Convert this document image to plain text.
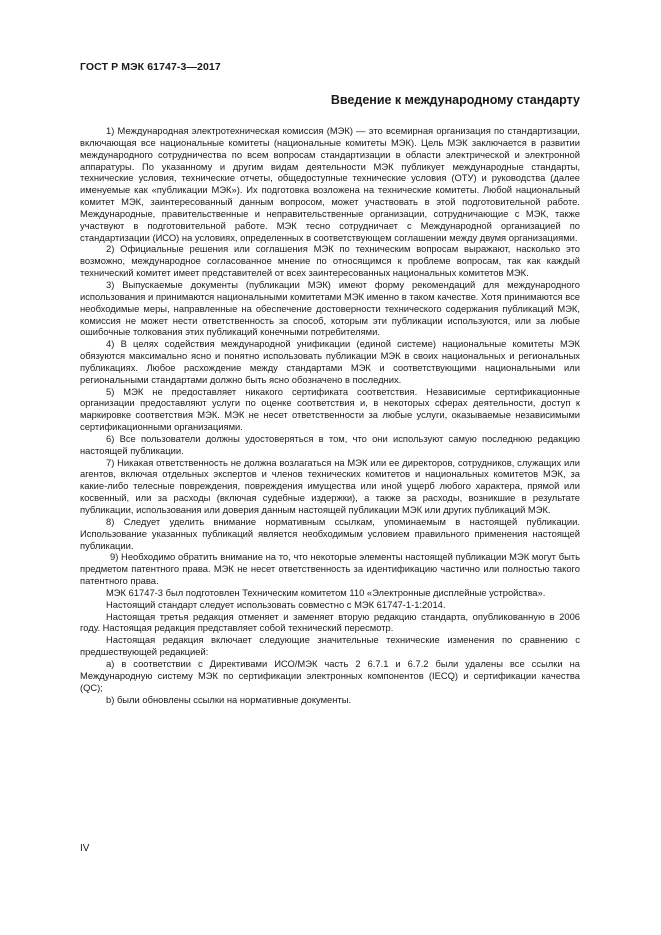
ГОСТ Р МЭК 61747-3—2017
Введение к международному стандарту

1) Международная электротехническая комиссия (МЭК) — это всемирная организация по стандартизации, включающая все национальные комитеты (национальные комитеты МЭК). Цель МЭК заключается в развитии международного сотрудничества по всем вопросам стандартизации в области электрической и электронной аппаратуры. По указанному и другим видам деятельности МЭК публикует международные стандарты, технические условия, технические отчеты, общедоступные технические условия (ОТУ) и руководства (далее именуемые как «публикации МЭК»). Их подготовка возложена на технические комитеты. Любой национальный комитет МЭК, заинтересованный данным вопросом, может участвовать в этой подготовительной работе. Международные, правительственные и неправительственные организации, сотрудничающие с МЭК, также участвуют в подготовительной работе. МЭК тесно сотрудничает с Международной организацией по стандартизации (ИСО) на условиях, определенных в соответствующем соглашении между двумя организациями.

2) Официальные решения или соглашения МЭК по техническим вопросам выражают, насколько это возможно, международное согласованное мнение по относящимся к проблеме вопросам, так как каждый технический комитет имеет представителей от всех заинтересованных национальных комитетов МЭК.

3) Выпускаемые документы (публикации МЭК) имеют форму рекомендаций для международного использования и принимаются национальными комитетами МЭК именно в таком качестве. Хотя принимаются все необходимые меры, направленные на обеспечение достоверности технического содержания публикаций МЭК, комиссия не может нести ответственность за способ, которым эти публикации используются, или за любые ошибочные толкования этих публикаций конечными потребителями.

4) В целях содействия международной унификации (единой системе) национальные комитеты МЭК обязуются максимально ясно и понятно использовать публикации МЭК в своих национальных и региональных публикациях. Любое расхождение между стандартами МЭК и соответствующими национальными или региональными стандартами должно быть ясно обозначено в последних.

5) МЭК не предоставляет никакого сертификата соответствия. Независимые сертификационные организации предоставляют услуги по оценке соответствия и, в некоторых сферах деятельности, доступ к маркировке соответствия МЭК. МЭК не несет ответственности за любые услуги, оказываемые независимыми сертификационными организациями.

6) Все пользователи должны удостоверяться в том, что они используют самую последнюю редакцию настоящей публикации.

7) Никакая ответственность не должна возлагаться на МЭК или ее директоров, сотрудников, служащих или агентов, включая отдельных экспертов и членов технических комитетов и национальных комитетов МЭК, за какие-либо телесные повреждения, повреждения имущества или иной ущерб любого характера, прямой или косвенный, или за расходы (включая судебные издержки), а также за расходы, возникшие в результате публикации, использования или доверия данным настоящей публикации МЭК или других публикаций МЭК.

8) Следует уделить внимание нормативным ссылкам, упоминаемым в настоящей публикации. Использование указанных публикаций является необходимым условием правильного применения настоящей публикации.

9) Необходимо обратить внимание на то, что некоторые элементы настоящей публикации МЭК могут быть предметом патентного права. МЭК не несет ответственность за идентификацию частично или полностью такого патентного права.

МЭК 61747-3 был подготовлен Техническим комитетом 110 «Электронные дисплейные устройства».

Настоящий стандарт следует использовать совместно с МЭК 61747-1-1:2014.

Настоящая третья редакция отменяет и заменяет вторую редакцию стандарта, опубликованную в 2006 году. Настоящая редакция представляет собой технический пересмотр.

Настоящая редакция включает следующие значительные технические изменения по сравнению с предшествующей редакцией:

a) в соответствии с Директивами ИСО/МЭК часть 2 6.7.1 и 6.7.2 были удалены все ссылки на Международную систему МЭК по сертификации электронных компонентов (IECQ) и сертификации качества (QC);

b) были обновлены ссылки на нормативные документы.

IV
